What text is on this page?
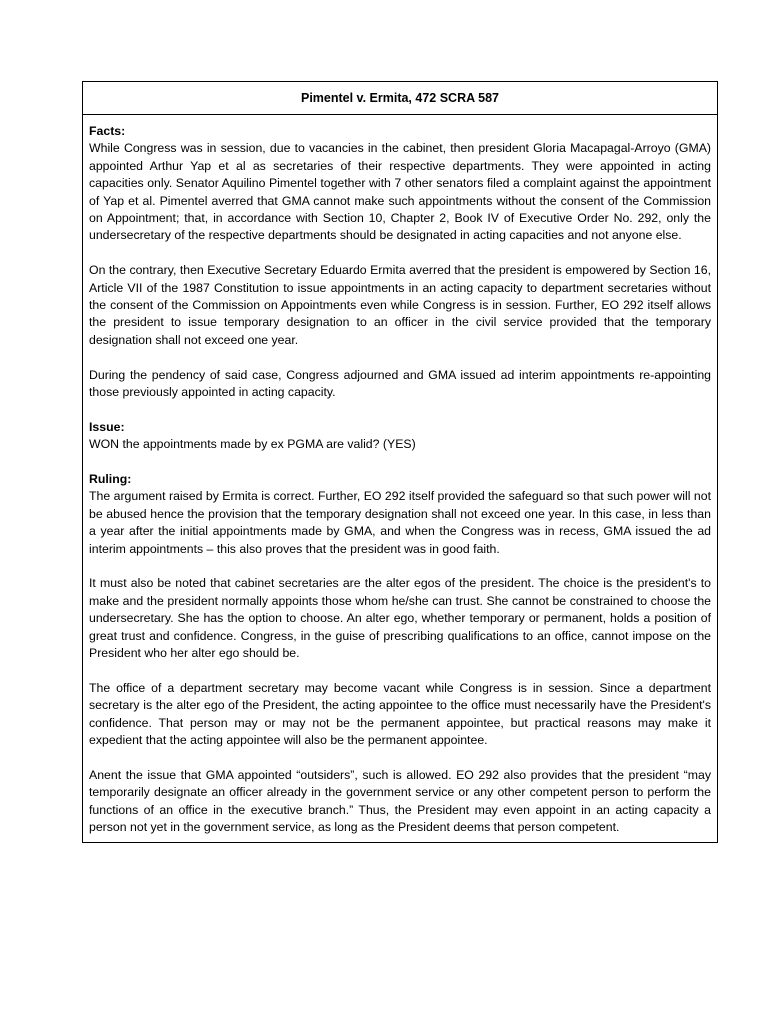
Pimentel v. Ermita, 472 SCRA 587

Facts:

While Congress was in session, due to vacancies in the cabinet, then president Gloria Macapagal-Arroyo (GMA) appointed Arthur Yap et al as secretaries of their respective departments. They were appointed in acting capacities only. Senator Aquilino Pimentel together with 7 other senators filed a complaint against the appointment of Yap et al. Pimentel averred that GMA cannot make such appointments without the consent of the Commission on Appointment; that, in accordance with Section 10, Chapter 2, Book IV of Executive Order No. 292, only the undersecretary of the respective departments should be designated in acting capacities and not anyone else.

On the contrary, then Executive Secretary Eduardo Ermita averred that the president is empowered by Section 16, Article VII of the 1987 Constitution to issue appointments in an acting capacity to department secretaries without the consent of the Commission on Appointments even while Congress is in session. Further, EO 292 itself allows the president to issue temporary designation to an officer in the civil service provided that the temporary designation shall not exceed one year.

During the pendency of said case, Congress adjourned and GMA issued ad interim appointments re-appointing those previously appointed in acting capacity.

Issue:

WON the appointments made by ex PGMA are valid? (YES)

Ruling:

The argument raised by Ermita is correct. Further, EO 292 itself provided the safeguard so that such power will not be abused hence the provision that the temporary designation shall not exceed one year. In this case, in less than a year after the initial appointments made by GMA, and when the Congress was in recess, GMA issued the ad interim appointments – this also proves that the president was in good faith.

It must also be noted that cabinet secretaries are the alter egos of the president. The choice is the president's to make and the president normally appoints those whom he/she can trust. She cannot be constrained to choose the undersecretary. She has the option to choose. An alter ego, whether temporary or permanent, holds a position of great trust and confidence. Congress, in the guise of prescribing qualifications to an office, cannot impose on the President who her alter ego should be.

The office of a department secretary may become vacant while Congress is in session. Since a department secretary is the alter ego of the President, the acting appointee to the office must necessarily have the President's confidence. That person may or may not be the permanent appointee, but practical reasons may make it expedient that the acting appointee will also be the permanent appointee.

Anent the issue that GMA appointed “outsiders”, such is allowed. EO 292 also provides that the president “may temporarily designate an officer already in the government service or any other competent person to perform the functions of an office in the executive branch.” Thus, the President may even appoint in an acting capacity a person not yet in the government service, as long as the President deems that person competent.
